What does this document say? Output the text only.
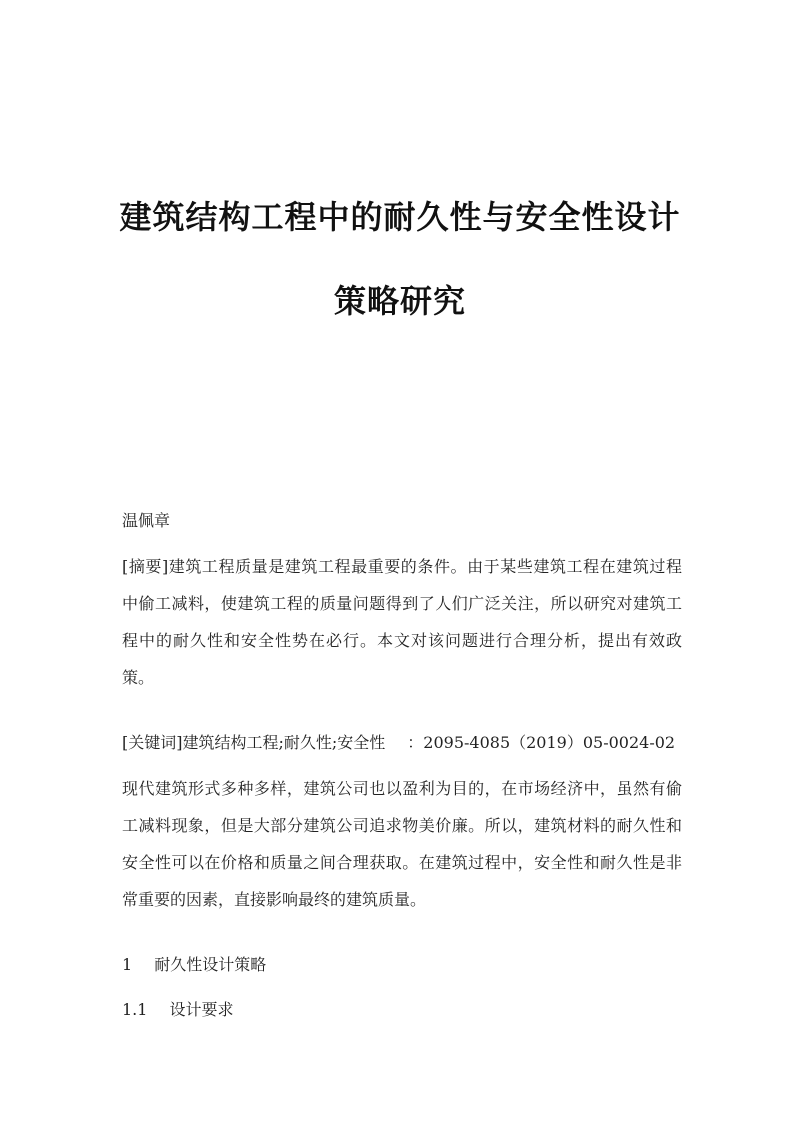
建筑结构工程中的耐久性与安全性设计
策略研究
温佩章
[摘要]建筑工程质量是建筑工程最重要的条件。由于某些建筑工程在建筑过程
中偷工减料，使建筑工程的质量问题得到了人们广泛关注，所以研究对建筑工
程中的耐久性和安全性势在必行。本文对该问题进行合理分析，提出有效政
策。
[关键词]建筑结构工程;耐久性;安全性 ：2095-4085（2019）05-0024-02
现代建筑形式多种多样，建筑公司也以盈利为目的，在市场经济中，虽然有偷
工减料现象，但是大部分建筑公司追求物美价廉。所以，建筑材料的耐久性和
安全性可以在价格和质量之间合理获取。在建筑过程中，安全性和耐久性是非
常重要的因素，直接影响最终的建筑质量。
1 耐久性设计策略
1.1 设计要求
